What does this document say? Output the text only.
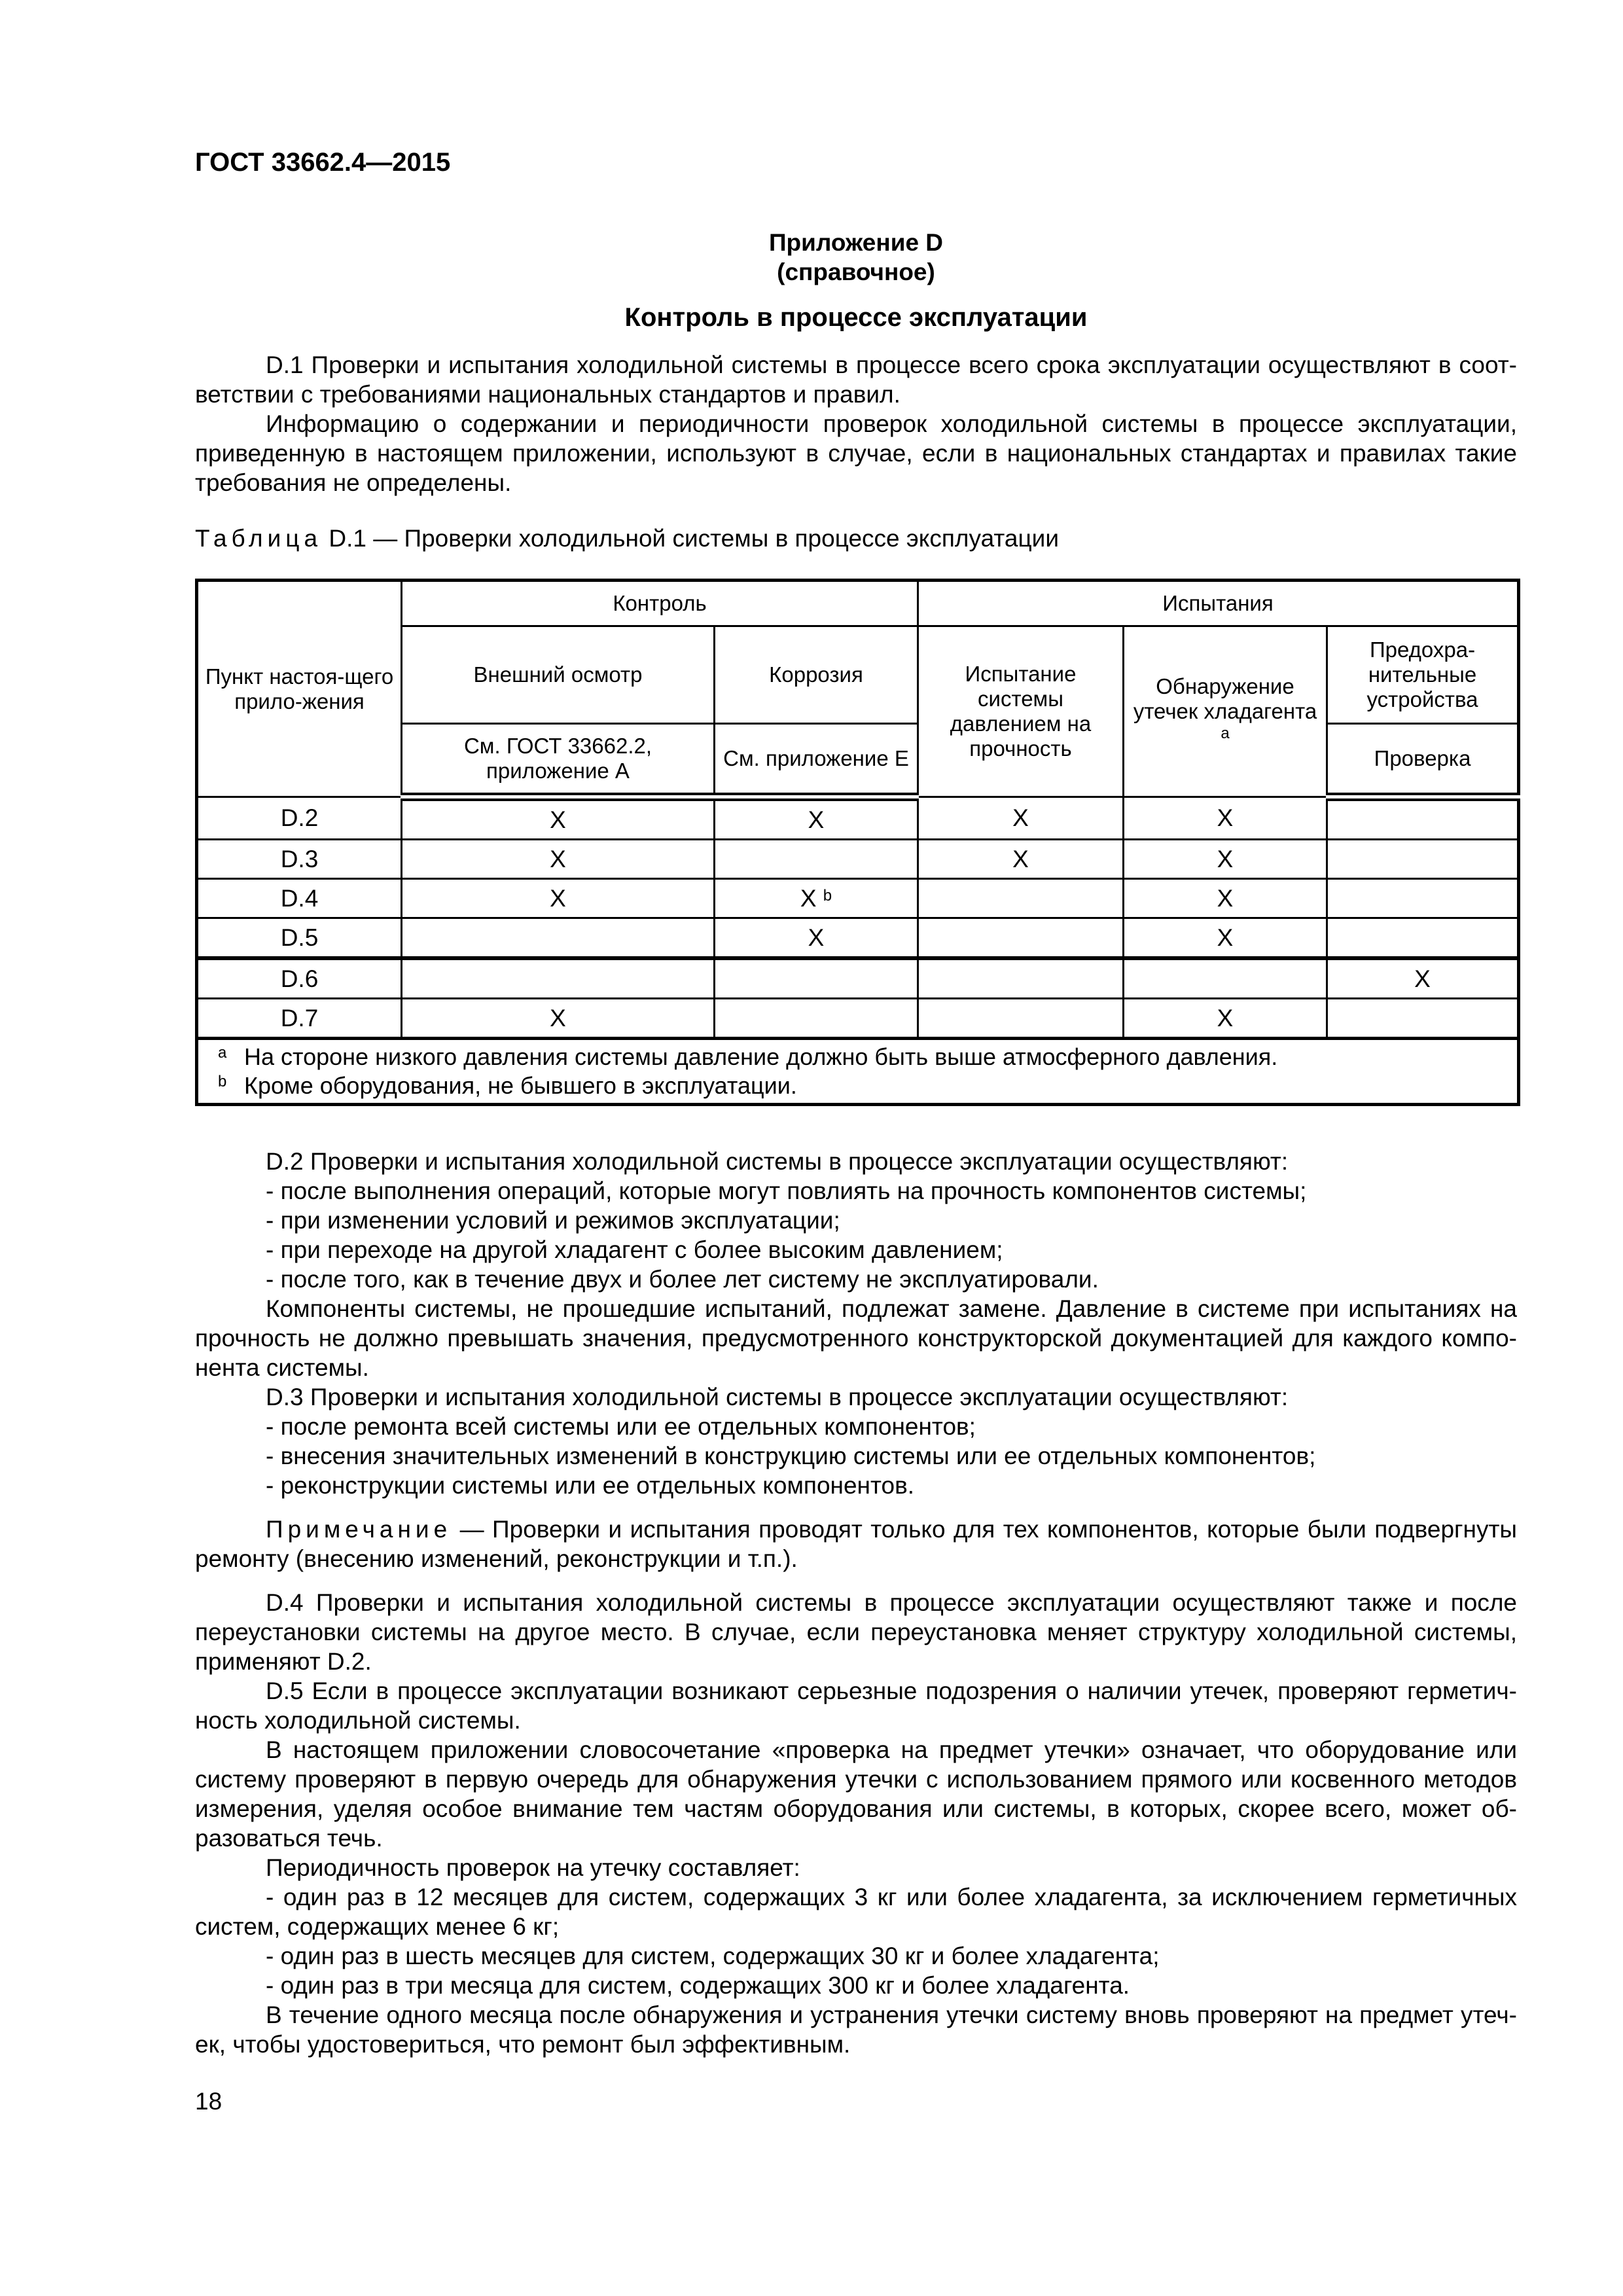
ГОСТ 33662.4—2015
Приложение D
(справочное)
Контроль в процессе эксплуатации
D.1 Проверки и испытания холодильной системы в процессе всего срока эксплуатации осуществляют в соот-
ветствии с требованиями национальных стандартов и правил.
Информацию о содержании и периодичности проверок холодильной системы в процессе эксплуатации,
приведенную в настоящем приложении, используют в случае, если в национальных стандартах и правилах такие
требования не определены.
Таблица D.1 — Проверки холодильной системы в процессе эксплуатации
Пункт настоя-щего прило-жения	Контроль		Испытания		
	Внешний осмотр	Коррозия	Испытание системы давлением на прочность	Обнаружение утечек хладагента $^a$	Предохра-нительные устройства
	См. ГОСТ 33662.2, приложение А	См. приложение Е			Проверка
D.2	X	X	X	X	
D.3	X		X	X	
D.4	X	X $^b$		X	
D.5		X		X	
D.6					X
D.7	X			X	

a На стороне низкого давления системы давление должно быть выше атмосферного давления.
b Кроме оборудования, не бывшего в эксплуатации.					
D.2 Проверки и испытания холодильной системы в процессе эксплуатации осуществляют:
- после выполнения операций, которые могут повлиять на прочность компонентов системы;
- при изменении условий и режимов эксплуатации;
- при переходе на другой хладагент с более высоким давлением;
- после того, как в течение двух и более лет систему не эксплуатировали.
Компоненты системы, не прошедшие испытаний, подлежат замене. Давление в системе при испытаниях на
прочность не должно превышать значения, предусмотренного конструкторской документацией для каждого компо-
нента системы.
D.3 Проверки и испытания холодильной системы в процессе эксплуатации осуществляют:
- после ремонта всей системы или ее отдельных компонентов;
- внесения значительных изменений в конструкцию системы или ее отдельных компонентов;
- реконструкции системы или ее отдельных компонентов.
Примечание — Проверки и испытания проводят только для тех компонентов, которые были подвергнуты
ремонту (внесению изменений, реконструкции и т.п.).
D.4 Проверки и испытания холодильной системы в процессе эксплуатации осуществляют также и после
переустановки системы на другое место. В случае, если переустановка меняет структуру холодильной системы,
применяют D.2.
D.5 Если в процессе эксплуатации возникают серьезные подозрения о наличии утечек, проверяют герметич-
ность холодильной системы.
В настоящем приложении словосочетание «проверка на предмет утечки» означает, что оборудование или
систему проверяют в первую очередь для обнаружения утечки с использованием прямого или косвенного методов
измерения, уделяя особое внимание тем частям оборудования или системы, в которых, скорее всего, может об-
разоваться течь.
Периодичность проверок на утечку составляет:
- один раз в 12 месяцев для систем, содержащих 3 кг или более хладагента, за исключением герметичных
систем, содержащих менее 6 кг;
- один раз в шесть месяцев для систем, содержащих 30 кг и более хладагента;
- один раз в три месяца для систем, содержащих 300 кг и более хладагента.
В течение одного месяца после обнаружения и устранения утечки систему вновь проверяют на предмет утеч-
ек, чтобы удостовериться, что ремонт был эффективным.
18
